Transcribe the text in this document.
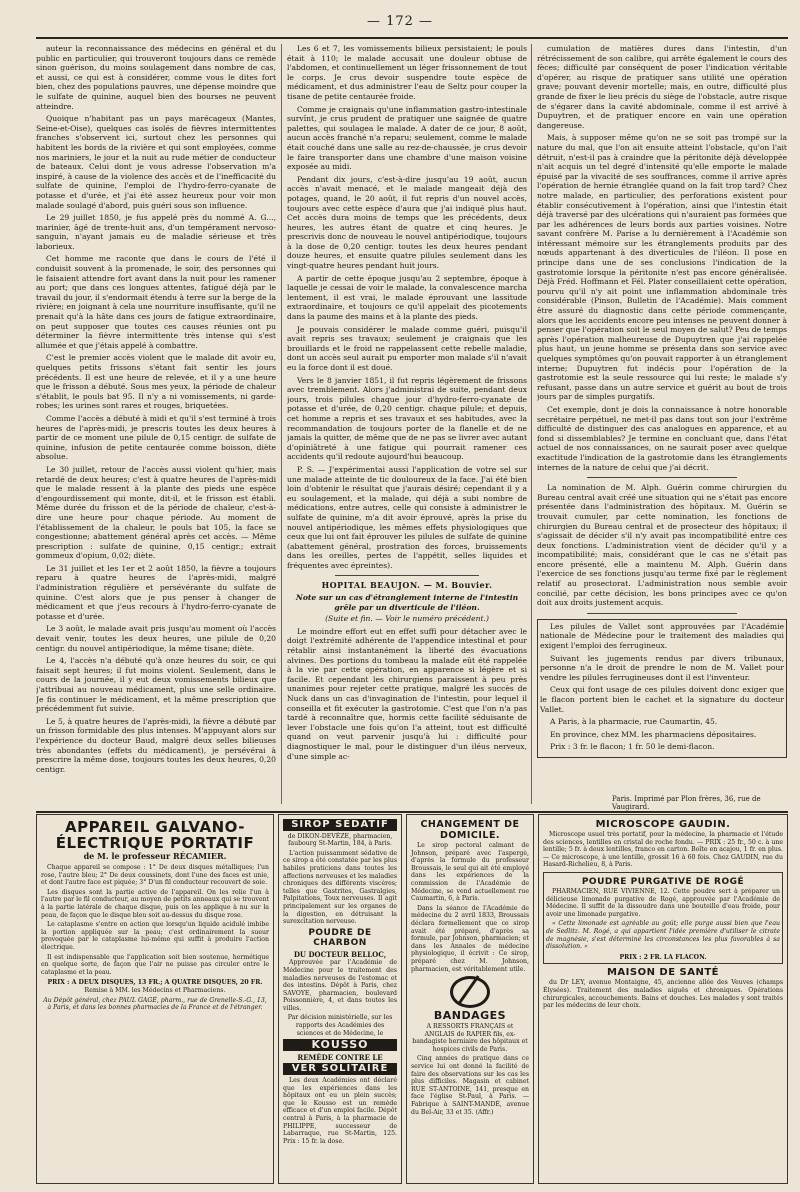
— 172 —

auteur la reconnaissance des médecins en général et du public en particulier, qui trouveront toujours dans ce remède sinon guérison, du moins soulagement dans nombre de cas, et aussi, ce qui est à considérer, comme vous le dites fort bien, chez des populations pauvres, une dépense moindre que le sulfate de quinine, auquel bien des bourses ne peuvent atteindre.

Quoique n'habitant pas un pays marécageux (Mantes, Seine-et-Oise), quelques cas isolés de fièvres intermittentes franches s'observent ici, surtout chez les personnes qui habitent les bords de la rivière et qui sont employées, comme nos mariniers, le jour et la nuit au rude métier de conducteur de bateaux. Celui dont je vous adresse l'observation m'a inspiré, à cause de la violence des accès et de l'inefficacité du sulfate de quinine, l'emploi de l'hydro-ferro-cyanate de potasse et d'urée, et j'ai été assez heureux pour voir mon malade soulagé d'abord, puis guéri sous son influence.

Le 29 juillet 1850, je fus appelé près du nommé A. G..., marinier, âgé de trente-huit ans, d'un tempérament nervoso-sanguin, n'ayant jamais eu de maladie sérieuse et très laborieux.

Cet homme me raconte que dans le cours de l'été il conduisit souvent à la promenade, le soir, des personnes qui le faisaient attendre fort avant dans la nuit pour les ramener au port; que dans ces longues attentes, fatigué déjà par le travail du jour, il s'endormait étendu à terre sur la berge de la rivière; en joignant à cela une nourriture insuffisante, qu'il ne prenait qu'à la hâte dans ces jours de fatigue extraordinaire, on peut supposer que toutes ces causes réunies ont pu déterminer la fièvre intermittente très intense qui s'est allumée et que j'étais appelé à combattre.

C'est le premier accès violent que le malade dit avoir eu, quelques petits frissons s'étant fait sentir les jours précédents. Il est une heure de relevée, et il y a une heure que le frisson a débuté. Sous mes yeux, la période de chaleur s'établit, le pouls bat 95. Il n'y a ni vomissements, ni garde-robes; les urines sont rares et rouges, briquetées.

Comme l'accès a débuté à midi et qu'il s'est terminé à trois heures de l'après-midi, je prescris toutes les deux heures à partir de ce moment une pilule de 0,15 centigr. de sulfate de quinine, infusion de petite centaurée comme boisson, diète absolue.

Le 30 juillet, retour de l'accès aussi violent qu'hier, mais retardé de deux heures; c'est à quatre heures de l'après-midi que le malade ressent à la plante des pieds une espèce d'engourdissement qui monte, dit-il, et le frisson est établi. Même durée du frisson et de la période de chaleur, c'est-à-dire une heure pour chaque période. Au moment de l'établissement de la chaleur, le pouls bat 105, la face se congestionne; abattement général après cet accès. — Même prescription : sulfate de quinine, 0,15 centigr.; extrait gommeux d'opium, 0,02; diète.

Le 31 juillet et les 1er et 2 août 1850, la fièvre a toujours reparu à quatre heures de l'après-midi, malgré l'administration régulière et persévérante du sulfate de quinine. C'est alors que je pus penser à changer de médicament et que j'eus recours à l'hydro-ferro-cyanate de potasse et d'urée.

Le 3 août, le malade avait pris jusqu'au moment où l'accès devait venir, toutes les deux heures, une pilule de 0,20 centigr. du nouvel antipériodique, la même tisane; diète.

Le 4, l'accès n'a débuté qu'à onze heures du soir, ce qui faisait sept heures; il fut moins violent. Seulement, dans le cours de la journée, il y eut deux vomissements bilieux que j'attribuai au nouveau médicament, plus une selle ordinaire. Je fis continuer le médicament, et la même prescription que précédemment fut suivie.

Le 5, à quatre heures de l'après-midi, la fièvre a débuté par un frisson formidable des plus intenses. M'appuyant alors sur l'expérience du docteur Baud, malgré deux selles bilieuses très abondantes (effets du médicament), je persévérai à prescrire la même dose, toujours toutes les deux heures, 0,20 centigr.

Les 6 et 7, les vomissements bilieux persistaient; le pouls était à 110; le malade accusait une douleur obtuse de l'abdomen, et continuellement un léger frissonnement de tout le corps. Je crus devoir suspendre toute espèce de médicament, et dus administrer l'eau de Seltz pour couper la tisane de petite centaurée froide.

Comme je craignais qu'une inflammation gastro-intestinale survînt, je crus prudent de pratiquer une saignée de quatre palettes, qui soulagea le malade. A dater de ce jour, 8 août, aucun accès franché n'a reparu; seulement, comme le malade était couché dans une salle au rez-de-chaussée, je crus devoir le faire transporter dans une chambre d'une maison voisine exposée au midi.

Pendant dix jours, c'est-à-dire jusqu'au 19 août, aucun accès n'avait menacé, et le malade mangeait déjà des potages, quand, le 20 août, il fut repris d'un nouvel accès, toujours avec cette espèce d'aura que j'ai indiqué plus haut. Cet accès dura moins de temps que les précédents, deux heures, les autres étant de quatre et cinq heures. Je prescrivis donc de nouveau le nouvel antipériodique, toujours à la dose de 0,20 centigr. toutes les deux heures pendant douze heures, et ensuite quatre pilules seulement dans les vingt-quatre heures pendant huit jours.

A partir de cette époque jusqu'au 2 septembre, époque à laquelle je cessai de voir le malade, la convalescence marcha lentement, il est vrai, le malade éprouvant une lassitude extraordinaire, et toujours ce qu'il appelait des picotements dans la paume des mains et à la plante des pieds.

Je pouvais considérer le malade comme guéri, puisqu'il avait repris ses travaux; seulement je craignais que les brouillards et le froid ne rappelassent cette rebelle maladie, dont un accès seul aurait pu emporter mon malade s'il n'avait eu la force dont il est doué.

Vers le 8 janvier 1851, il fut repris légèrement de frissons avec tremblement. Alors j'administrai de suite, pendant deux jours, trois pilules chaque jour d'hydro-ferro-cyanate de potasse et d'urée, de 0,20 centigr. chaque pilule; et depuis, cet homme a repris et ses travaux et ses habitudes, avec la recommandation de toujours porter de la flanelle et de ne jamais la quitter, de même que de ne pas se livrer avec autant d'opiniâtreté à une fatigue qui pourrait ramener ces accidents qu'il redoute aujourd'hui beaucoup.

P. S. — J'expérimentai aussi l'application de votre sel sur une malade atteinte de tic douloureux de la face. J'ai été bien loin d'obtenir le résultat que j'aurais désiré; cependant il y a eu soulagement, et la malade, qui déjà a subi nombre de médications, entre autres, celle qui consiste à administrer le sulfate de quinine, m'a dit avoir éprouvé, après la prise du nouvel antipériodique, les mêmes effets physiologiques que ceux que lui ont fait éprouver les pilules de sulfate de quinine (abattement général, prostration des forces, bruissements dans les oreilles, pertes de l'appétit, selles liquides et fréquentes avec épreintes).

HOPITAL BEAUJON. — M. Bouvier.
Note sur un cas d'étranglement interne de l'intestin grêle par un diverticule de l'iléon.
(Suite et fin. — Voir le numéro précédent.)

Le moindre effort eut en effet suffi pour détacher avec le doigt l'extrémité adhérente de l'appendice intestinal et pour rétablir ainsi instantanément la liberté des évacuations alvines. Des portions du tombeau la malade eût été rappelée à la vie par cette opération, en apparence si légère et si facile. Et cependant les chirurgiens paraissent à peu près unanimes pour rejeter cette pratique, malgré les succès de Nuck dans un cas d'invagination de l'intestin, pour lequel il conseilla et fit exécuter la gastrotomie. C'est que l'on n'a pas tardé à reconnaître que, hormis cette facilité séduisante de lever l'obstacle une fois qu'on l'a atteint, tout est difficulté quand on veut parvenir jusqu'à lui : difficulté pour diagnostiquer le mal, pour le distinguer d'un iléus nerveux, d'une simple ac-

cumulation de matières dures dans l'intestin, d'un rétrécissement de son calibre, qui arrête également le cours des fèces; difficulté par conséquent de poser l'indication véritable d'opérer, au risque de pratiquer sans utilité une opération grave; pouvant devenir mortelle; mais, en outre, difficulté plus grande de fixer le lieu précis du siège de l'obstacle, autre risque de s'égarer dans la cavité abdominale, comme il est arrivé à Dupuytren, et de pratiquer encore en vain une opération dangereuse.

Mais, à supposer même qu'on ne se soit pas trompé sur la nature du mal, que l'on ait ensuite atteint l'obstacle, qu'on l'ait détruit, n'est-il pas à craindre que la péritonite déjà développée n'ait acquis un tel degré d'intensité qu'elle emporte le malade épuisé par la vivacité de ses souffrances, comme il arrive après l'opération de hernie étranglée quand on la fait trop tard? Chez notre malade, en particulier, des perforations existent pour établir consécutivement à l'opération, ainsi que l'intestin était déjà traversé par des ulcérations qui n'auraient pas formées que par les adhérences de leurs bords aux parties voisines. Notre savant confrère M. Parise a lu dernièrement à l'Académie son intéressant mémoire sur les étranglements produits par des nœuds appartenant à des diverticules de l'iléon. Il pose en principe dans une de ses conclusions l'indication de la gastrotomie lorsque la péritonite n'est pas encore généralisée. Déjà Fréd. Hoffmann et Fél. Plater conseillaient cette opération, pourvu qu'il n'y ait point une inflammation abdominale très considérable (Pinson, Bulletin de l'Académie). Mais comment être assuré du diagnostic dans cette période commençante, alors que les accidents encore peu intenses ne peuvent donner à penser que l'opération soit le seul moyen de salut? Peu de temps après l'opération malheureuse de Dupuytren que j'ai rappelée plus haut, un jeune homme se présenta dans son service avec quelques symptômes qu'on pouvait rapporter à un étranglement interne; Dupuytren fut indécis pour l'opération de la gastrotomie est la seule ressource qui lui reste; le malade s'y refusant, passe dans un autre service et guérit au bout de trois jours par de simples purgatifs.

Cet exemple, dont je dois la connaissance à notre honorable secrétaire perpétuel, ne met-il pas dans tout son jour l'extrême difficulté de distinguer des cas analogues en apparence, et au fond si dissemblables? Je termine en concluant que, dans l'état actuel de nos connaissances, on ne saurait poser avec quelque exactitude l'indication de la gastrotomie dans les étranglements internes de la nature de celui que j'ai décrit.

La nomination de M. Alph. Guérin comme chirurgien du Bureau central avait créé une situation qui ne s'était pas encore présentée dans l'administration des hôpitaux. M. Guérin se trouvait cumuler, par cette nomination, les fonctions de chirurgien du Bureau central et de prosecteur des hôpitaux; il s'agissait de décider s'il n'y avait pas incompatibilité entre ces deux fonctions. L'administration vient de décider qu'il y a incompatibilité; mais, considérant que le cas ne s'était pas encore présenté, elle a maintenu M. Alph. Guérin dans l'exercice de ses fonctions jusqu'au terme fixé par le règlement relatif au prosectorat. L'administration nous semble avoir concilié, par cette décision, les bons principes avec ce qu'on doit aux droits justement acquis.

Les pilules de Vallet sont approuvées par l'Académie nationale de Médecine pour le traitement des maladies qui exigent l'emploi des ferrugineux.

Suivant les jugements rendus par divers tribunaux, personne n'a le droit de prendre le nom de M. Vallet pour vendre les pilules ferrugineuses dont il est l'inventeur.

Ceux qui font usage de ces pilules doivent donc exiger que le flacon portent bien le cachet et la signature du docteur Vallet.

A Paris, à la pharmacie, rue Caumartin, 45.

En province, chez MM. les pharmaciens dépositaires.

Prix : 3 fr. le flacon; 1 fr. 50 le demi-flacon.

Paris. Imprimé par Plon frères, 36, rue de Vaugirard.
APPAREIL GALVANO-ÉLECTRIQUE PORTATIF
de M. le professeur RÉCAMIER.

Chaque appareil se compose : 1° De deux disques métalliques; l'un rose, l'autre bleu; 2° De deux coussinets, dont l'une des faces est unie, et dont l'autre face est piquée; 3° D'un fil conducteur recouvert de soie.

Les disques sont la partie active de l'appareil. On les relie l'un à l'autre par le fil conducteur, au moyen de petits anneaux qui se trouvent à la partie latérale de chaque disque, puis on les applique à nu sur la peau, de façon que le disque bleu soit au-dessus du disque rose.

Le cataplasme s'entre en action que lorsqu'un liquide acidulé imbibe la portion appliquée sur la peau; c'est ordinairement la sueur provoquée par le cataplasme lui-même qui suffit à produire l'action électrique.

Il est indispensable que l'application soit bien soutenue, hermétique en quelque sorte, de façon que l'air ne puisse pas circuler entre le cataplasme et la peau.

PRIX : A DEUX DISQUES, 13 FR.; A QUATRE DISQUES, 20 FR.

Remise à MM. les Médecins et Pharmaciens.

Au Dépôt général, chez PAUL GAGÉ, pharm., rue de Grenelle-S.-G., 13, à Paris, et dans les bonnes pharmacies de la France et de l'étranger.

SIROP SÉDATIF

de DIKON-DEVÉZE, pharmacien, faubourg St-Martin, 184, à Paris.

L'action puissamment sédative de ce sirop a été constatée par les plus habiles praticiens dans toutes les affections nerveuses et les maladies chroniques des différents viscères; telles que Gastrites, Gastralgies, Palpitations, Toux nerveuses. Il agit principalement sur les organes de la digestion, en détruisant la surexcitation nerveuse.

POUDRE DE CHARBON
DU DOCTEUR BELLOC,

Approuvée par l'Académie de Médecine pour le traitement des maladies nerveuses de l'estomac et des intestins. Dépôt à Paris, chez SAVOYE, pharmacien, boulevard Poissonnière, 4, et dans toutes les villes.

Par décision ministérielle, sur les rapports des Académies des sciences et de Médecine, le

KOUSSO
REMÈDE CONTRE LE
VER SOLITAIRE

Les deux Académies ont déclaré que les expériences dans les hôpitaux ont eu un plein succès; que le Kousso est un remède efficace et d'un emploi facile. Dépôt central à Paris, à la pharmacie de PHILIPPE, successeur de Labarraque, rue St-Martin, 125. Prix : 15 fr. la dose.

CHANGEMENT DE DOMICILE.

Le sirop pectoral calmant de Johnson, préparé avec l'aspergè, d'après la formule du professeur Broussais, le seul qui ait été employé dans les expériences de la commission de l'Académie de Médecine, se vend actuellement rue Caumartin, 6, à Paris.

Dans la séance de l'Académie de médecine du 2 avril 1833, Broussais déclara formellement que ce sirop avait été préparé, d'après sa formule, par Johnson, pharmacien; et dans les Annales de médecine physiologique, il écrivit : Ce sirop, préparé chez M. Johnson, pharmacien, est véritablement utile.

BANDAGES

A RESSORTS FRANÇAIS et ANGLAIS de RAPIER fils, ex-bandagiste herniaire des hôpitaux et hospices civils de Paris.

Cinq années de pratique dans ce service lui ont donné la facilité de faire des observations sur les cas les plus difficiles. Magasin et cabinet RUE ST-ANTOINE, 141, presque en face l'église St-Paul, à Paris. — Fabrique à SAINT-MANDÉ, avenue du Bel-Air, 33 et 35. (Affr.)

MICROSCOPE GAUDIN.

Microscope usuel très portatif, pour la médecine, la pharmacie et l'étude des sciences, lentilles en cristal de roche fondu. — PRIX : 25 fr., 50 c. à une lentille; 5 fr. à deux lentilles, franco en carton. Boîte en acajou, 1 fr. en plus. — Ce microscope, à une lentille, grossit 16 à 60 fois. Chez GAUDIN, rue du Hasard-Richelieu, 8, à Paris.

POUDRE PURGATIVE DE ROGÉ

PHARMACIEN, RUE VIVIENNE, 12. Cette poudre sert à préparer un délicieuse limonade purgative de Rogé, approuvée par l'Académie de Médecine. Il suffit de la dissoudre dans une bouteille d'eau froide, pour avoir une limonade purgative.

« Cette limonade est agréable au goût; elle purge aussi bien que l'eau de Sedlitz. M. Rogé, a qui appartient l'idée première d'utiliser le citrate de magnésie, s'est déterminé les circonstances les plus favorables à sa dissolution. »

PRIX : 2 FR. LA FLACON.
MAISON DE SANTÉ

du Dr LEY, avenue Montaigne, 45, ancienne allée des Veuves (champs Élysées). Traitement des maladies aiguës et chroniques. Opérations chirurgicales, accouchements. Bains et douches. Les malades y sont traités par les médecins de leur choix.
